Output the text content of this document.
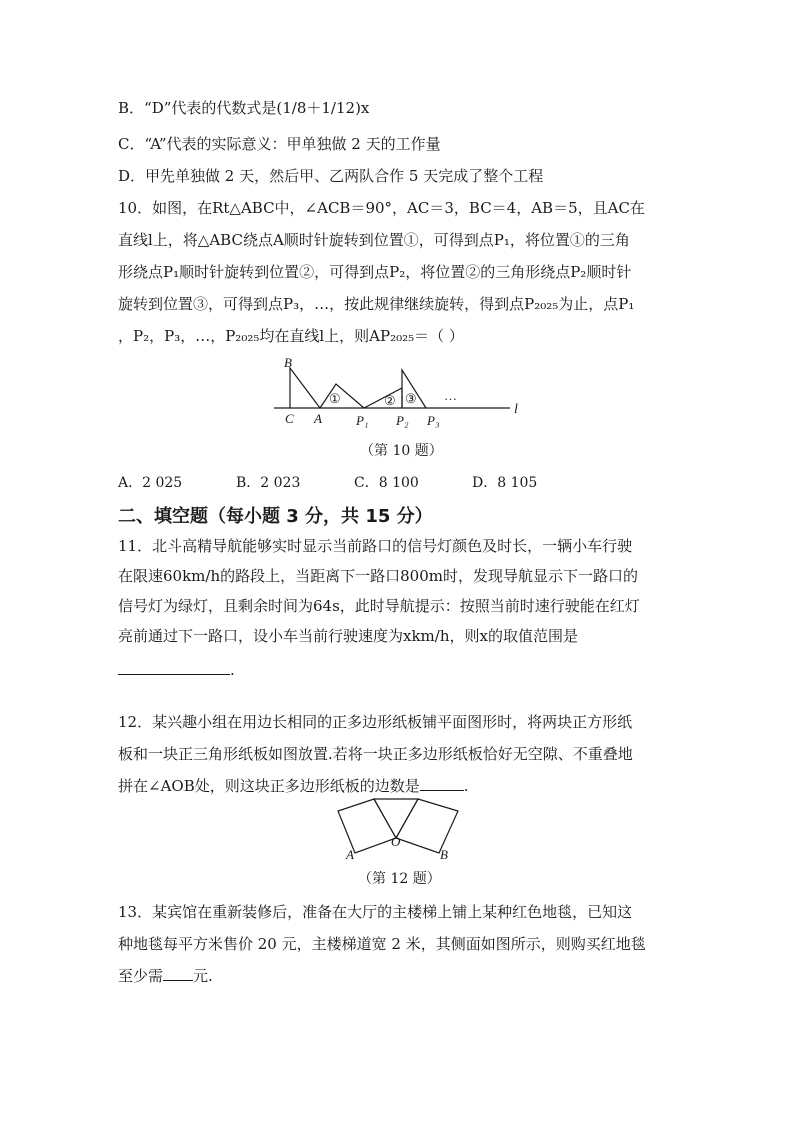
B．“D”代表的代数式是(1/8＋1/12)x
C．“A”代表的实际意义：甲单独做 2 天的工作量
D．甲先单独做 2 天，然后甲、乙两队合作 5 天完成了整个工程
10．如图，在Rt△ABC中，∠ACB＝90°，AC＝3，BC＝4，AB＝5，且AC在
直线l上，将△ABC绕点A顺时针旋转到位置①，可得到点P₁，将位置①的三角
形绕点P₁顺时针旋转到位置②，可得到点P₂，将位置②的三角形绕点P₂顺时针
旋转到位置③，可得到点P₃，…，按此规律继续旋转，得到点P₂₀₂₅为止，点P₁
，P₂，P₃，…，P₂₀₂₅均在直线l上，则AP₂₀₂₅＝（ ）
B
C A	P₁ P₂ P₃
l
①	② ③ …
（第 10 题）
A．2 025	B．2 023	C．8 100	D．8 105
二、填空题（每小题 3 分，共 15 分）
11．北斗高精导航能够实时显示当前路口的信号灯颜色及时长，一辆小车行驶
在限速60km/h的路段上，当距离下一路口800m时，发现导航显示下一路口的
信号灯为绿灯，且剩余时间为64s，此时导航提示：按照当前时速行驶能在红灯
亮前通过下一路口，设小车当前行驶速度为xkm/h，则x的取值范围是
.
12．某兴趣小组在用边长相同的正多边形纸板铺平面图形时，将两块正方形纸
板和一块正三角形纸板如图放置.若将一块正多边形纸板恰好无空隙、不重叠地
拼在∠AOB处，则这块正多边形纸板的边数是	.
O
A	B
（第 12 题）
13．某宾馆在重新装修后，准备在大厅的主楼梯上铺上某种红色地毯，已知这
种地毯每平方米售价 20 元，主楼梯道宽 2 米，其侧面如图所示，则购买红地毯
至少需 元.
